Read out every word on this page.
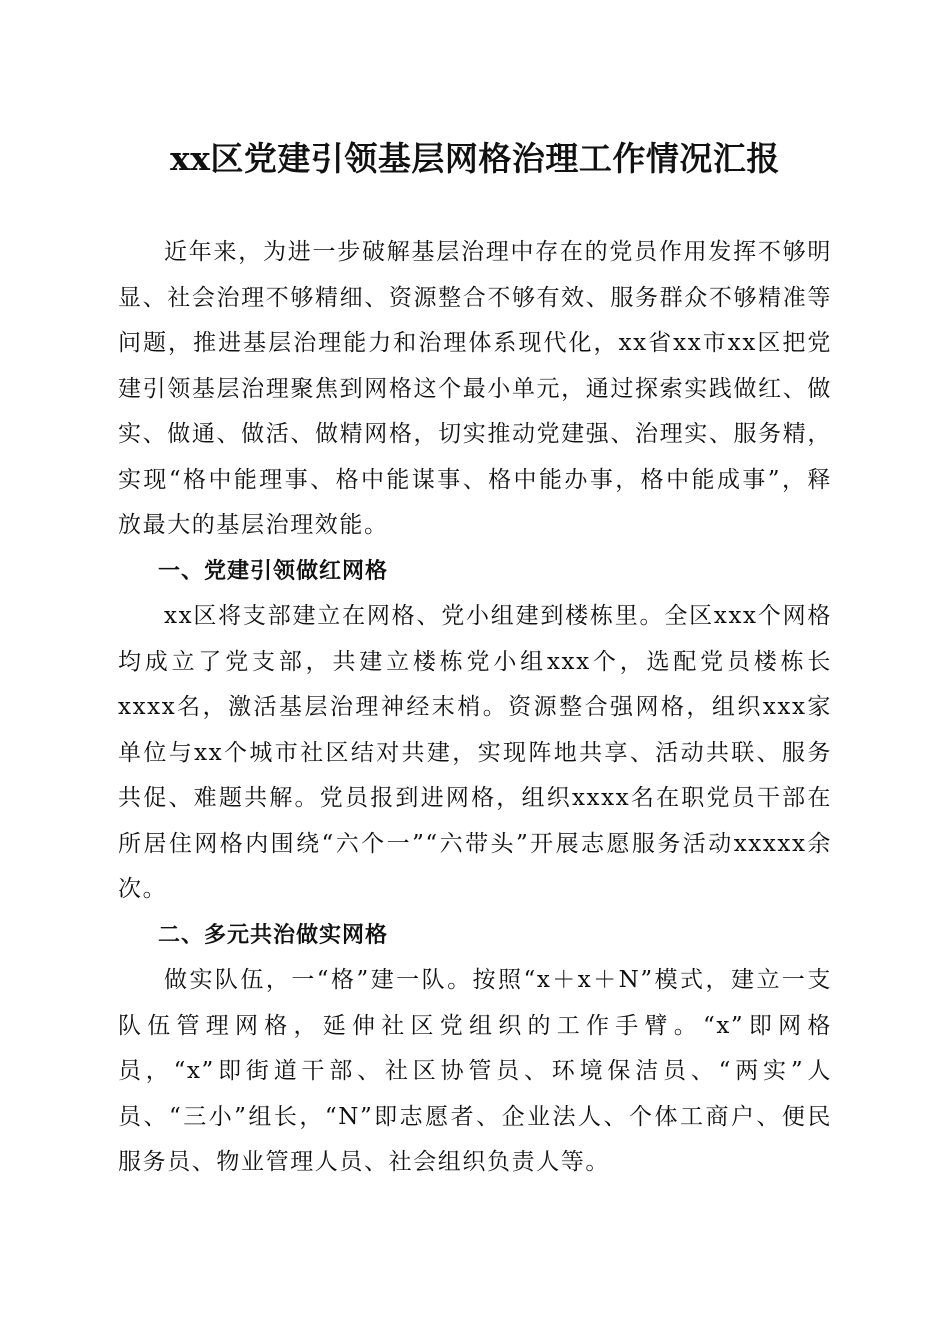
xx区党建引领基层网格治理工作情况汇报

近年来，为进一步破解基层治理中存在的党员作用发挥不够明显、社会治理不够精细、资源整合不够有效、服务群众不够精准等问题，推进基层治理能力和治理体系现代化，xx省xx市xx区把党建引领基层治理聚焦到网格这个最小单元，通过探索实践做红、做实、做通、做活、做精网格，切实推动党建强、治理实、服务精，实现“格中能理事、格中能谋事、格中能办事，格中能成事”，释放最大的基层治理效能。

一、党建引领做红网格

xx区将支部建立在网格、党小组建到楼栋里。全区xxx个网格均成立了党支部，共建立楼栋党小组xxx个，选配党员楼栋长xxxx名，激活基层治理神经末梢。资源整合强网格，组织xxx家单位与xx个城市社区结对共建，实现阵地共享、活动共联、服务共促、难题共解。党员报到进网格，组织xxxx名在职党员干部在所居住网格内围绕“六个一”“六带头”开展志愿服务活动xxxxx余次。

二、多元共治做实网格

做实队伍，一“格”建一队。按照“x＋x＋N”模式，建立一支队伍管理网格，延伸社区党组织的工作手臂。“x”即网格员，“x”即街道干部、社区协管员、环境保洁员、“两实”人员、“三小”组长，“N”即志愿者、企业法人、个体工商户、便民服务员、物业管理人员、社会组织负责人等。
